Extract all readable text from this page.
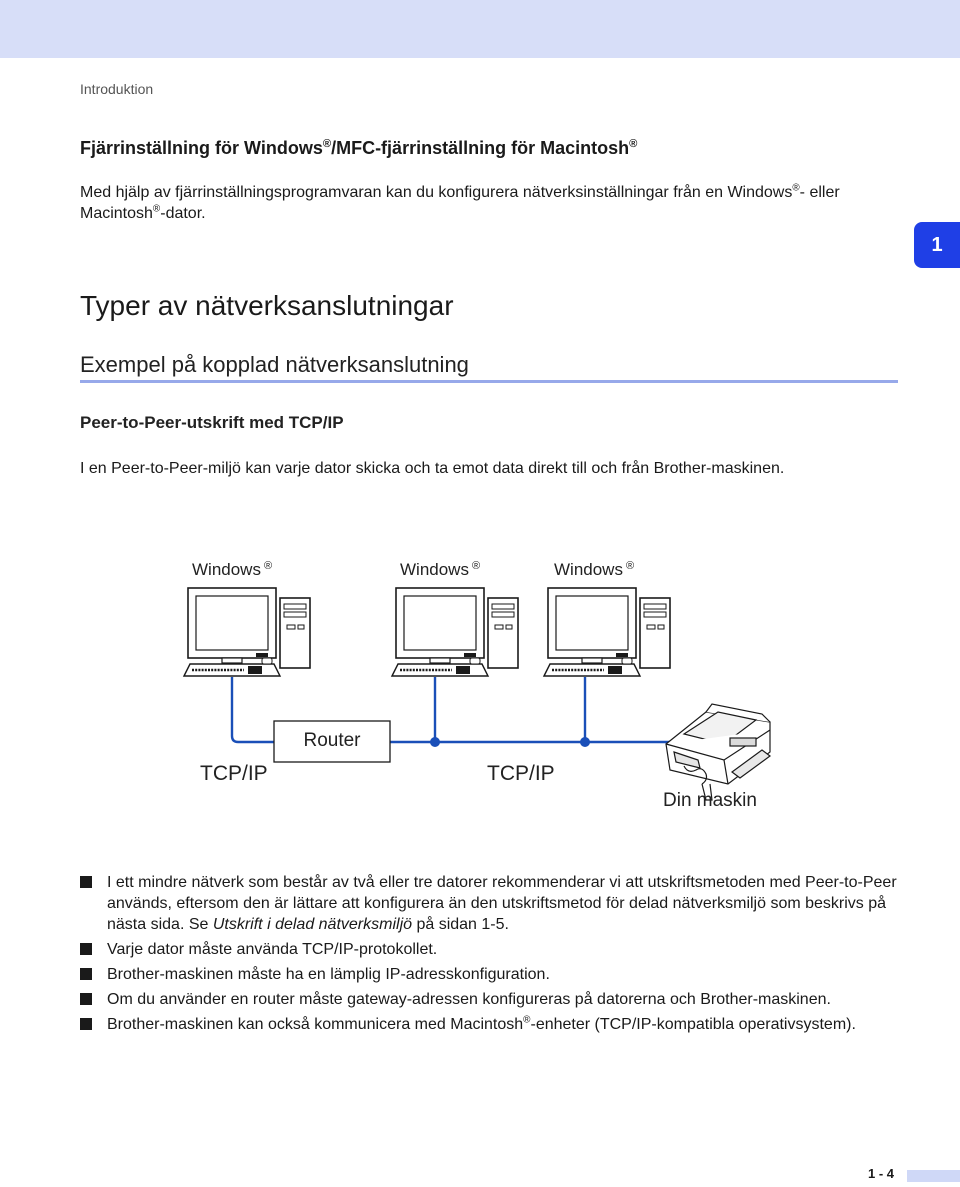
Introduktion
Fjärrinställning för Windows®/MFC-fjärrinställning för Macintosh®
Med hjälp av fjärrinställningsprogramvaran kan du konfigurera nätverksinställningar från en Windows®- eller Macintosh®-dator.
1
Typer av nätverksanslutningar
Exempel på kopplad nätverksanslutning
Peer-to-Peer-utskrift med TCP/IP
I en Peer-to-Peer-miljö kan varje dator skicka och ta emot data direkt till och från Brother-maskinen.
Windows ®	Windows ®	Windows ®
Router
TCP/IP	TCP/IP
Din maskin
I ett mindre nätverk som består av två eller tre datorer rekommenderar vi att utskriftsmetoden med Peer-to-Peer används, eftersom den är lättare att konfigurera än den utskriftsmetod för delad nätverksmiljö som beskrivs på nästa sida. Se Utskrift i delad nätverksmiljö på sidan 1-5.
Varje dator måste använda TCP/IP-protokollet.
Brother-maskinen måste ha en lämplig IP-adresskonfiguration.
Om du använder en router måste gateway-adressen konfigureras på datorerna och Brother-maskinen.
Brother-maskinen kan också kommunicera med Macintosh®-enheter (TCP/IP-kompatibla operativsystem).
1 - 4
